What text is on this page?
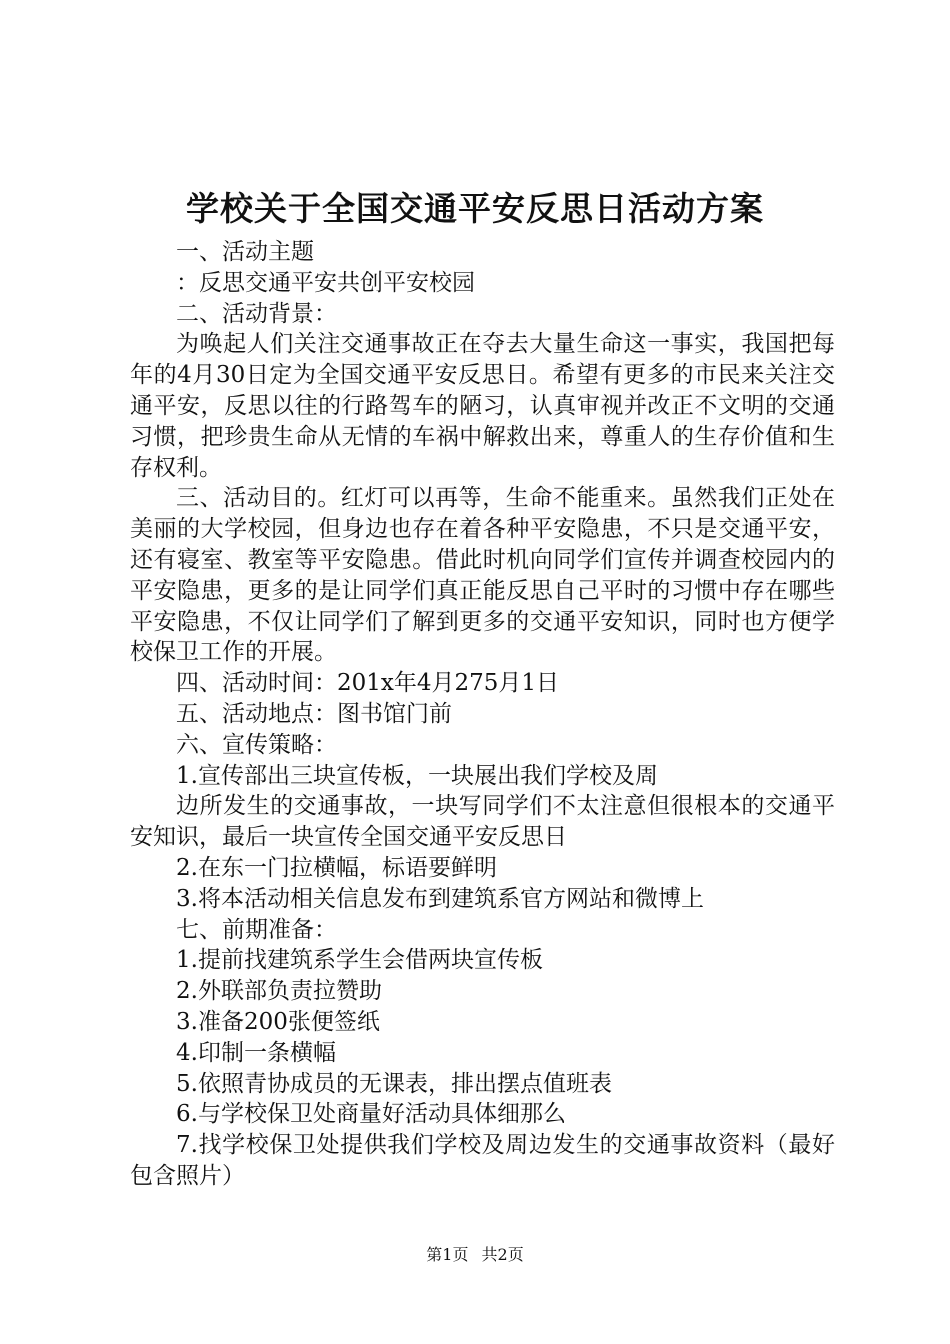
学校关于全国交通平安反思日活动方案

一、活动主题

：反思交通平安共创平安校园

二、活动背景：

为唤起人们关注交通事故正在夺去大量生命这一事实，我国把每年的4月30日定为全国交通平安反思日。希望有更多的市民来关注交通平安，反思以往的行路驾车的陋习，认真审视并改正不文明的交通习惯，把珍贵生命从无情的车祸中解救出来，尊重人的生存价值和生存权利。

三、活动目的。红灯可以再等，生命不能重来。虽然我们正处在美丽的大学校园，但身边也存在着各种平安隐患，不只是交通平安，还有寝室、教室等平安隐患。借此时机向同学们宣传并调查校园内的平安隐患，更多的是让同学们真正能反思自己平时的习惯中存在哪些平安隐患，不仅让同学们了解到更多的交通平安知识，同时也方便学校保卫工作的开展。

四、活动时间：201x年4月275月1日

五、活动地点：图书馆门前

六、宣传策略：

1.宣传部出三块宣传板，一块展出我们学校及周

边所发生的交通事故，一块写同学们不太注意但很根本的交通平安知识，最后一块宣传全国交通平安反思日

2.在东一门拉横幅，标语要鲜明

3.将本活动相关信息发布到建筑系官方网站和微博上

七、前期准备：

1.提前找建筑系学生会借两块宣传板

2.外联部负责拉赞助

3.准备200张便签纸

4.印制一条横幅

5.依照青协成员的无课表，排出摆点值班表

6.与学校保卫处商量好活动具体细那么

7.找学校保卫处提供我们学校及周边发生的交通事故资料（最好包含照片）

第1页 共2页
